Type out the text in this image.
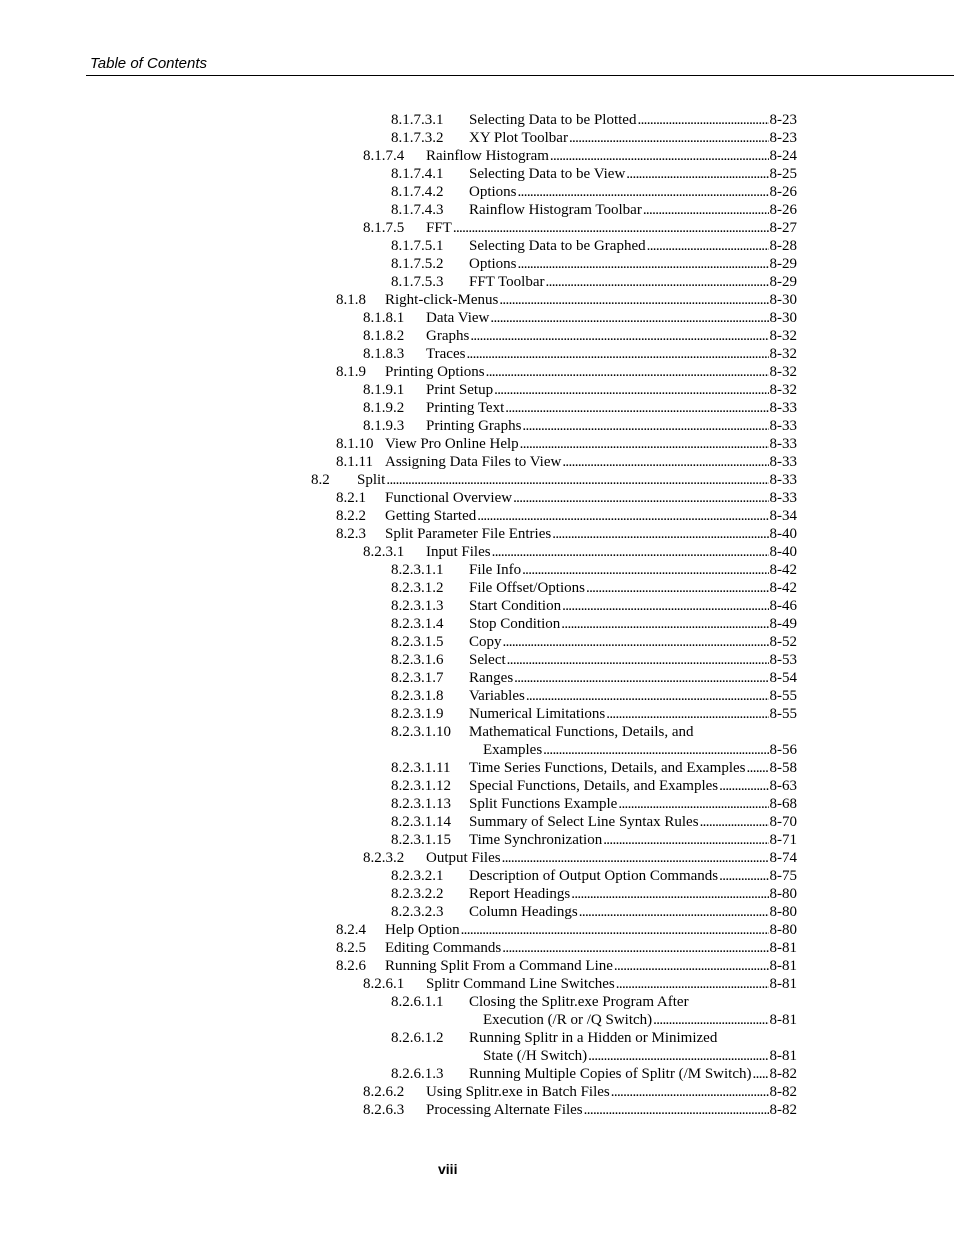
Table of Contents
8.1.7.3.1 Selecting Data to be Plotted . . .	8-23
8.1.7.3.2 XY Plot Toolbar . . .	8-23
8.1.7.4 Rainflow Histogram . . .	8-24
8.1.7.4.1 Selecting Data to be View . . .	8-25
8.1.7.4.2 Options . . .	8-26
8.1.7.4.3 Rainflow Histogram Toolbar . . .	8-26
8.1.7.5 FFT . . .	8-27
8.1.7.5.1 Selecting Data to be Graphed . . .	8-28
8.1.7.5.2 Options . . .	8-29
8.1.7.5.3 FFT Toolbar . . .	8-29
8.1.8 Right-click-Menus . . .	8-30
8.1.8.1 Data View . . .	8-30
8.1.8.2 Graphs . . .	8-32
8.1.8.3 Traces . . .	8-32
8.1.9 Printing Options . . .	8-32
8.1.9.1 Print Setup . . .	8-32
8.1.9.2 Printing Text . . .	8-33
8.1.9.3 Printing Graphs . . .	8-33
8.1.10 View Pro Online Help . . .	8-33
8.1.11 Assigning Data Files to View . . .	8-33
8.2 Split . . .	8-33
8.2.1 Functional Overview . . .	8-33
8.2.2 Getting Started . . .	8-34
8.2.3 Split Parameter File Entries . . .	8-40
8.2.3.1 Input Files . . .	8-40
8.2.3.1.1 File Info . . .	8-42
8.2.3.1.2 File Offset/Options . . .	8-42
8.2.3.1.3 Start Condition . . .	8-46
8.2.3.1.4 Stop Condition . . .	8-49
8.2.3.1.5 Copy . . .	8-52
8.2.3.1.6 Select . . .	8-53
8.2.3.1.7 Ranges . . .	8-54
8.2.3.1.8 Variables . . .	8-55
8.2.3.1.9 Numerical Limitations . . .	8-55
8.2.3.1.10 Mathematical Functions, Details, and
Examples . . .	8-56
8.2.3.1.11 Time Series Functions, Details, and Examples . . . 8-58
8.2.3.1.12 Special Functions, Details, and Examples . . .	8-63
8.2.3.1.13 Split Functions Example . . .	8-68
8.2.3.1.14 Summary of Select Line Syntax Rules . . .	8-70
8.2.3.1.15 Time Synchronization . . .	8-71
8.2.3.2 Output Files . . .	8-74
8.2.3.2.1 Description of Output Option Commands . . .	8-75
8.2.3.2.2 Report Headings . . .	8-80
8.2.3.2.3 Column Headings . . .	8-80
8.2.4 Help Option . . .	8-80
8.2.5 Editing Commands . . .	8-81
8.2.6 Running Split From a Command Line . . .	8-81
8.2.6.1 Splitr Command Line Switches . . .	8-81
8.2.6.1.1 Closing the Splitr.exe Program After
Execution (/R or /Q Switch) . . .	8-81
8.2.6.1.2 Running Splitr in a Hidden or Minimized
State (/H Switch) . . .	8-81
8.2.6.1.3 Running Multiple Copies of Splitr (/M Switch) . . . 8-82
8.2.6.2 Using Splitr.exe in Batch Files . . .	8-82
8.2.6.3 Processing Alternate Files . . .	8-82
viii
